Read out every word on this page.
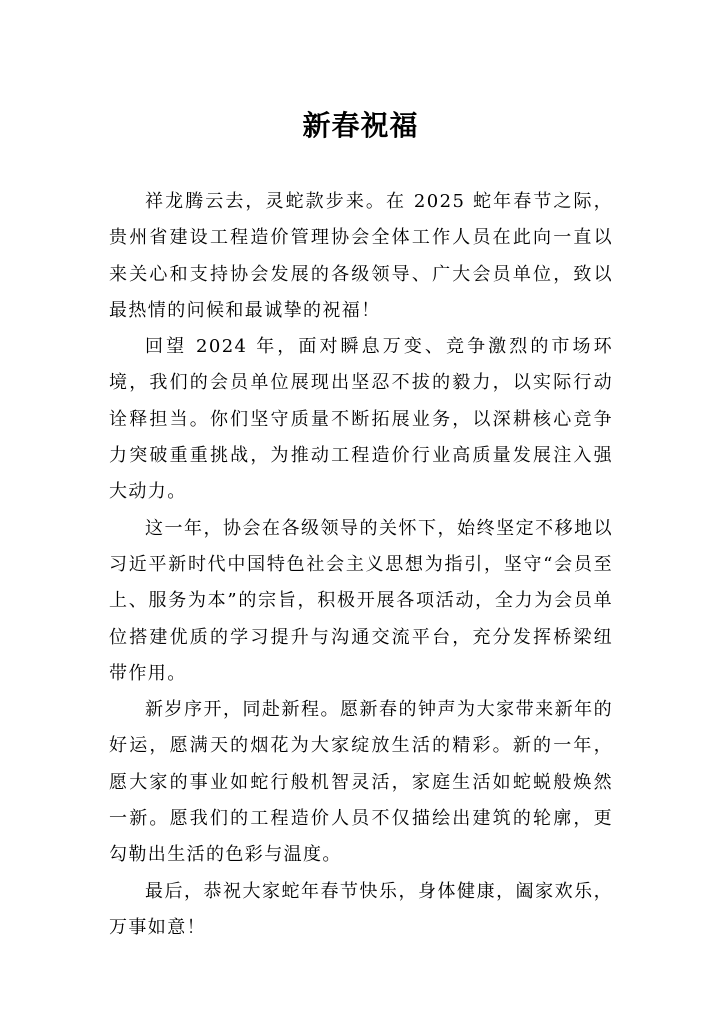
新春祝福

祥龙腾云去，灵蛇款步来。在 2025 蛇年春节之际，贵州省建设工程造价管理协会全体工作人员在此向一直以来关心和支持协会发展的各级领导、广大会员单位，致以最热情的问候和最诚挚的祝福！

回望 2024 年，面对瞬息万变、竞争激烈的市场环境，我们的会员单位展现出坚忍不拔的毅力，以实际行动诠释担当。你们坚守质量不断拓展业务，以深耕核心竞争力突破重重挑战，为推动工程造价行业高质量发展注入强大动力。

这一年，协会在各级领导的关怀下，始终坚定不移地以习近平新时代中国特色社会主义思想为指引，坚守“会员至上、服务为本”的宗旨，积极开展各项活动，全力为会员单位搭建优质的学习提升与沟通交流平台，充分发挥桥梁纽带作用。

新岁序开，同赴新程。愿新春的钟声为大家带来新年的好运，愿满天的烟花为大家绽放生活的精彩。新的一年，愿大家的事业如蛇行般机智灵活，家庭生活如蛇蜕般焕然一新。愿我们的工程造价人员不仅描绘出建筑的轮廓，更勾勒出生活的色彩与温度。

最后，恭祝大家蛇年春节快乐，身体健康，阖家欢乐，万事如意！
